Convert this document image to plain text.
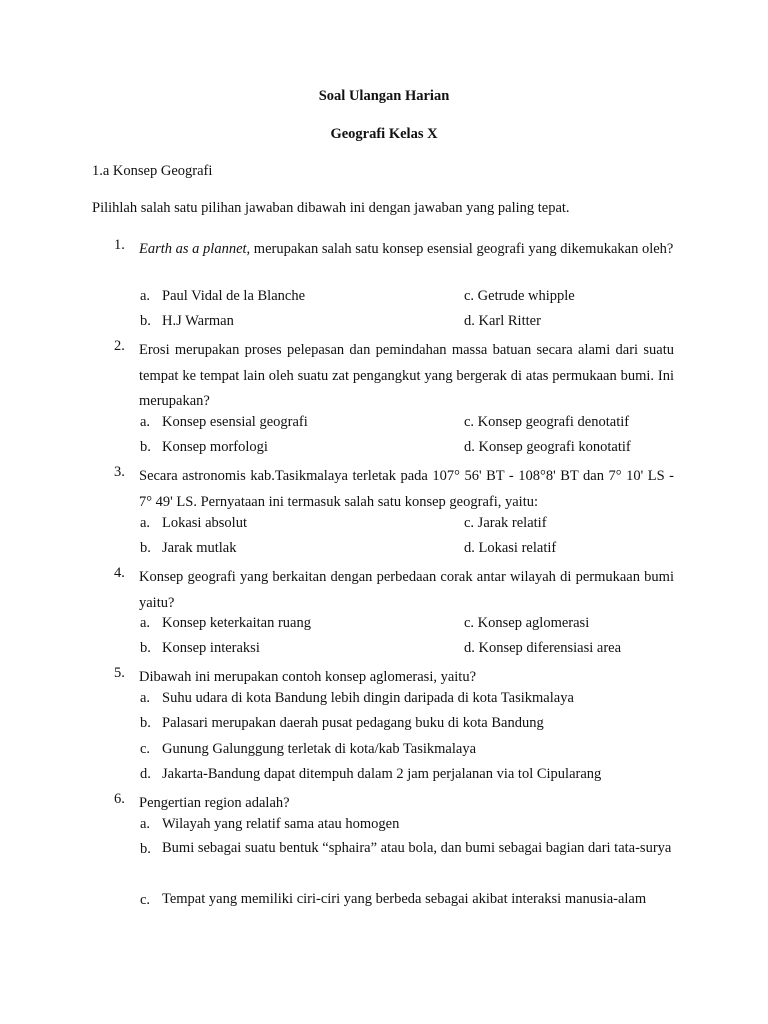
Soal Ulangan Harian

Geografi Kelas X

1.a Konsep Geografi

Pilihlah salah satu pilihan jawaban dibawah ini dengan jawaban yang paling tepat.

1. Earth as a plannet, merupakan salah satu konsep esensial geografi yang dikemukakan oleh?

a. Paul Vidal de la Blanche	c. Getrude whipple
b. H.J Warman	d. Karl Ritter
2. Erosi merupakan proses pelepasan dan pemindahan massa batuan secara alami dari suatu tempat ke tempat lain oleh suatu zat pengangkut yang bergerak di atas permukaan bumi. Ini merupakan?

a. Konsep esensial geografi	c. Konsep geografi denotatif
b. Konsep morfologi	d. Konsep geografi konotatif
3. Secara astronomis kab.Tasikmalaya terletak pada 107° 56' BT - 108°8' BT dan 7° 10' LS - 7° 49' LS. Pernyataan ini termasuk salah satu konsep geografi, yaitu:

a. Lokasi absolut	c. Jarak relatif
b. Jarak mutlak	d. Lokasi relatif
4. Konsep geografi yang berkaitan dengan perbedaan corak antar wilayah di permukaan bumi yaitu?

a. Konsep keterkaitan ruang	c. Konsep aglomerasi
b. Konsep interaksi	d. Konsep diferensiasi area
5. Dibawah ini merupakan contoh konsep aglomerasi, yaitu?

a. Suhu udara di kota Bandung lebih dingin daripada di kota Tasikmalaya
b. Palasari merupakan daerah pusat pedagang buku di kota Bandung
c. Gunung Galunggung terletak di kota/kab Tasikmalaya
d. Jakarta-Bandung dapat ditempuh dalam 2 jam perjalanan via tol Cipularang
6. Pengertian region adalah?

a. Wilayah yang relatif sama atau homogen
b. Bumi sebagai suatu bentuk “sphaira” atau bola, dan bumi sebagai bagian dari tata-surya

c. Tempat yang memiliki ciri-ciri yang berbeda sebagai akibat interaksi manusia-alam
